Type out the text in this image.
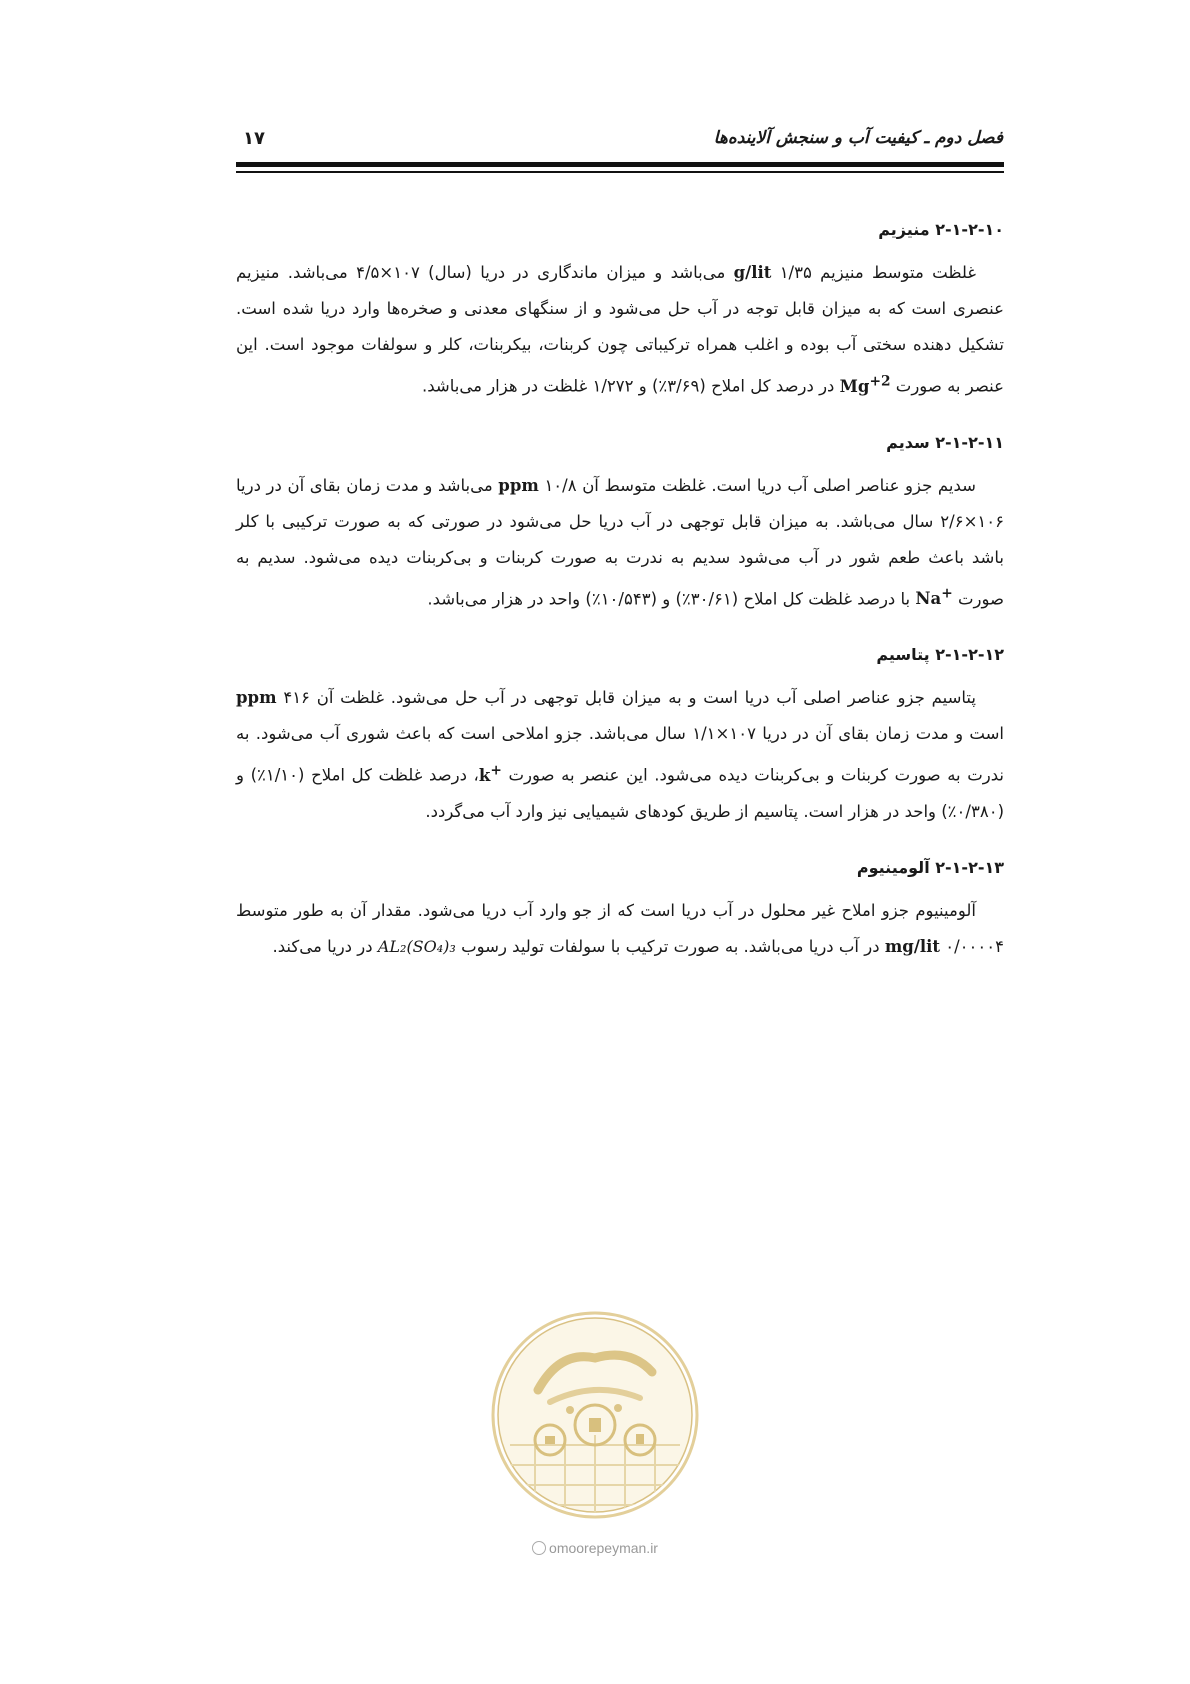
فصل دوم ـ کیفیت آب و سنجش آلاینده‌ها
۱۷
۲-۱-۲-۱۰ منیزیم

غلظت متوسط منیزیم g/lit ۱/۳۵ می‌باشد و میزان ماندگاری در دریا (سال) ۱۰۷×۴/۵ می‌باشد. منیزیم عنصری است که به میزان قابل توجه در آب حل می‌شود و از سنگهای معدنی و صخره‌ها وارد دریا شده است. تشکیل دهنده سختی آب بوده و اغلب همراه ترکیباتی چون کربنات، بیکربنات، کلر و سولفات موجود است. این عنصر به صورت $Mg^{+2}$ در درصد کل املاح (۳/۶۹٪) و ۱/۲۷۲ غلظت در هزار می‌باشد.

۲-۱-۲-۱۱ سدیم

سدیم جزو عناصر اصلی آب دریا است. غلظت متوسط آن ppm ۱۰/۸ می‌باشد و مدت زمان بقای آن در دریا ۱۰۶×۲/۶ سال می‌باشد. به میزان قابل توجهی در آب دریا حل می‌شود در صورتی که به صورت ترکیبی با کلر باشد باعث طعم شور در آب می‌شود سدیم به ندرت به صورت کربنات و بی‌کربنات دیده می‌شود. سدیم به صورت Na+ با درصد غلظت کل املاح (۳۰/۶۱٪) و (۱۰/۵۴۳٪) واحد در هزار می‌باشد.

۲-۱-۲-۱۲ پتاسیم

پتاسیم جزو عناصر اصلی آب دریا است و به میزان قابل توجهی در آب حل می‌شود. غلظت آن ppm ۴۱۶ است و مدت زمان بقای آن در دریا ۱۰۷×۱/۱ سال می‌باشد. جزو املاحی است که باعث شوری آب می‌شود. به ندرت به صورت کربنات و بی‌کربنات دیده می‌شود. این عنصر به صورت k+، درصد غلظت کل املاح (۱/۱۰٪) و (۰/۳۸۰٪) واحد در هزار است. پتاسیم از طریق کودهای شیمیایی نیز وارد آب می‌گردد.

۲-۱-۲-۱۳ آلومینیوم

آلومینیوم جزو املاح غیر محلول در آب دریا است که از جو وارد آب دریا می‌شود. مقدار آن به طور متوسط mg/lit ۰/۰۰۰۰۴ در آب دریا می‌باشد. به صورت ترکیب با سولفات تولید رسوب AL₂(SO₄)₃ در دریا می‌کند.

omoorepeyman.ir
